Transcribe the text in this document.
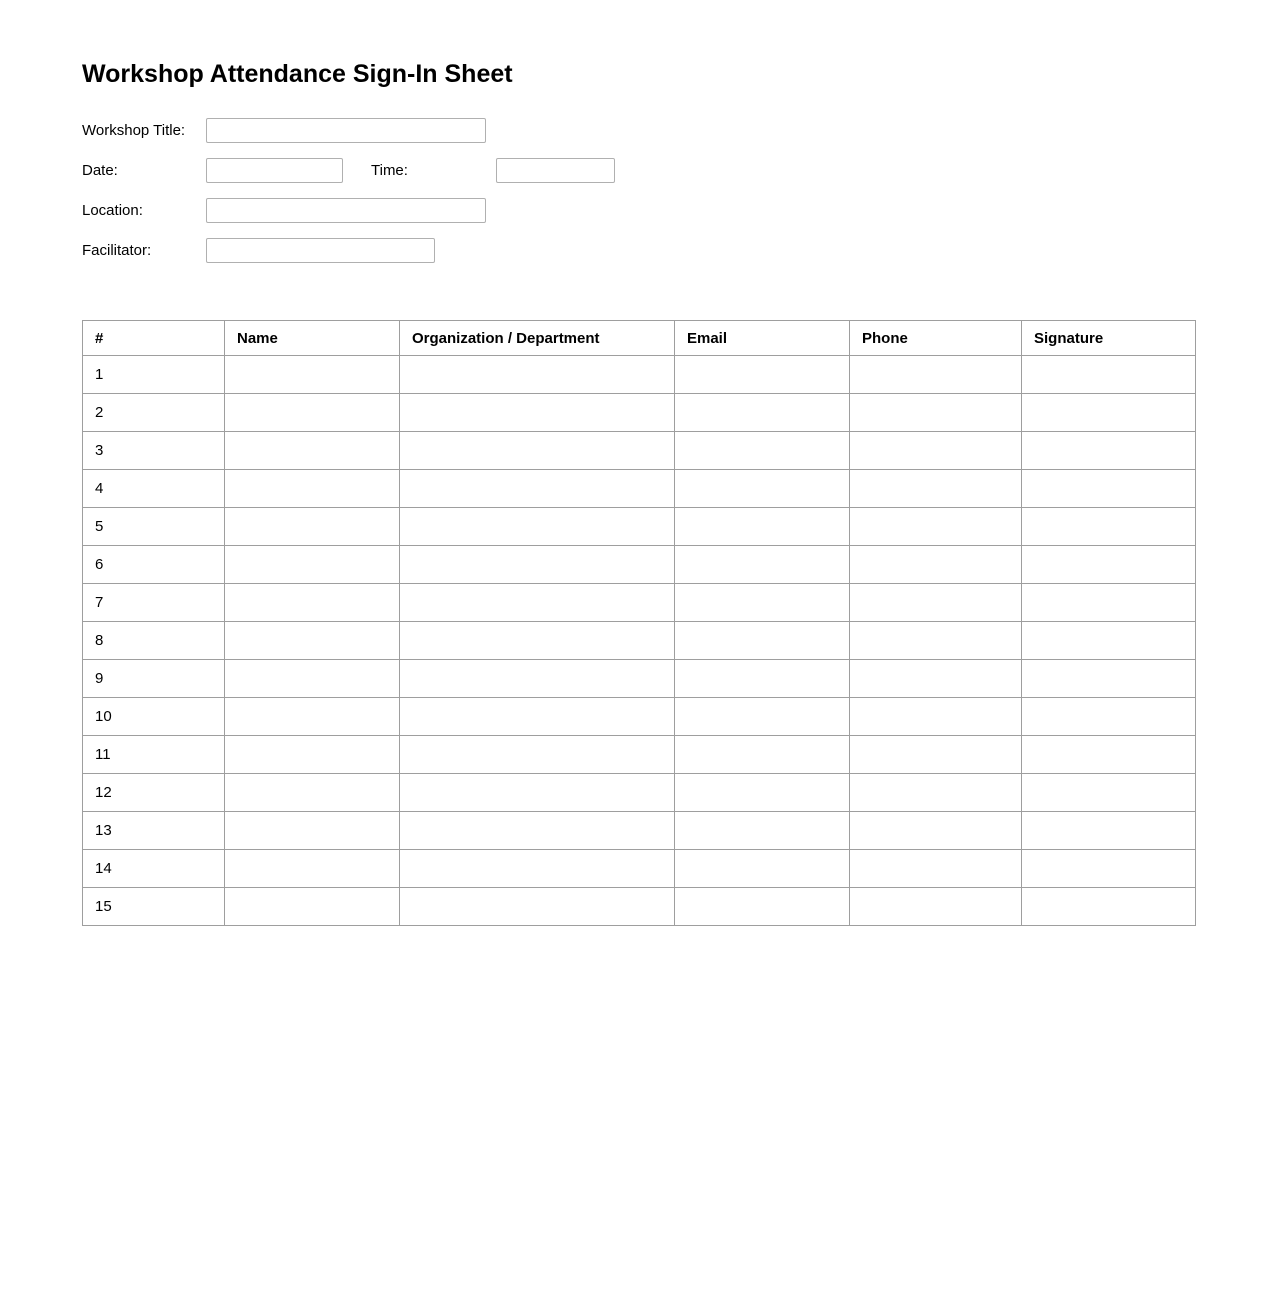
Workshop Attendance Sign-In Sheet
Workshop Title:
Date:	Time:
Location:
Facilitator:
#	Name	Organization / Department	Email	Phone	Signature
1					
2					
3					
4					
5					
6					
7					
8					
9					
10					
11					
12					
13					
14					
15					
